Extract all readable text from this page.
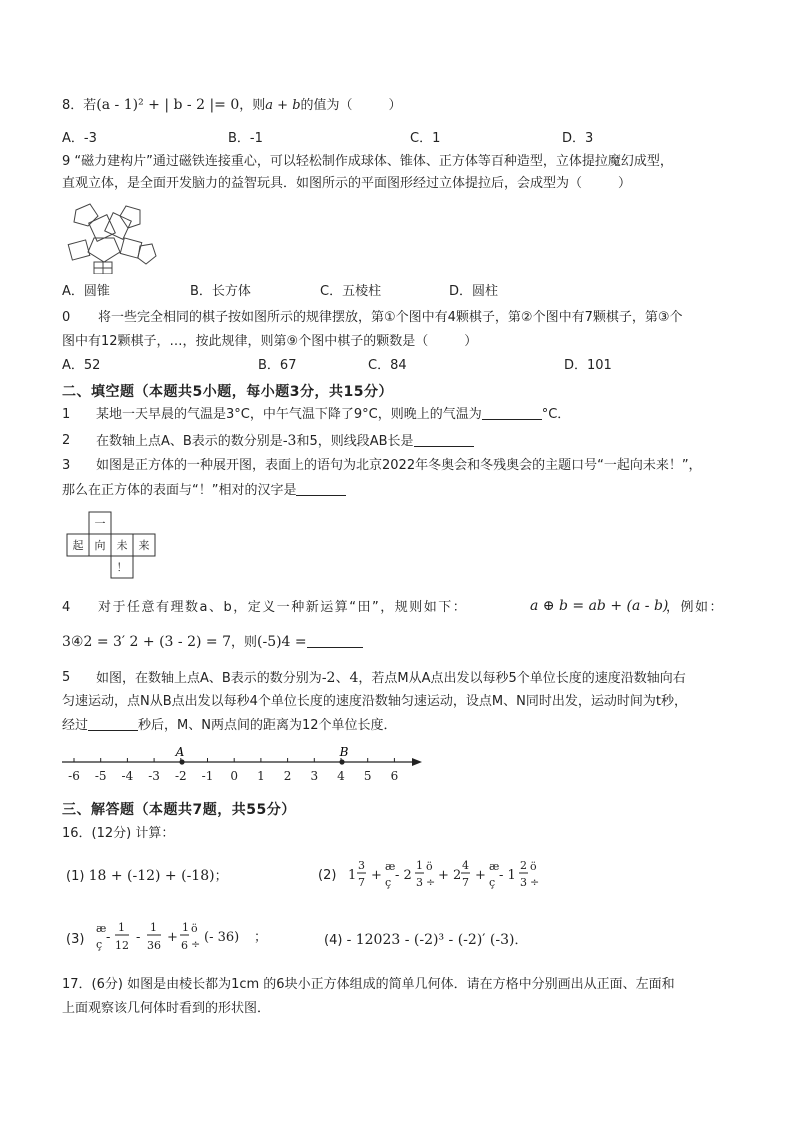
8．若(a - 1)² + | b - 2 |= 0，则a + b的值为（	）
A．-3	B．-1	C．1	D．3
9 “磁力建构片”通过磁铁连接重心，可以轻松制作成球体、锥体、正方体等百种造型，立体提拉魔幻成型，
直观立体，是全面开发脑力的益智玩具．如图所示的平面图形经过立体提拉后，会成型为（	）
A．圆锥	B．长方体	C．五棱柱	D．圆柱
0 将一些完全相同的棋子按如图所示的规律摆放，第①个图中有4颗棋子，第②个图中有7颗棋子，第③个
图中有12颗棋子，…，按此规律，则第⑨个图中棋子的颗数是（	）
A．52	B．67	C．84	D．101
二、填空题（本题共5小题，每小题3分，共15分）
1 某地一天早晨的气温是3°C，中午气温下降了9°C，则晚上的气温为	°C．
2 在数轴上点A、B表示的数分别是-3和5，则线段AB长是
3 如图是正方体的一种展开图，表面上的语句为北京2022年冬奥会和冬残奥会的主题口号“一起向未来！”，
那么在正方体的表面与“！”相对的汉字是
一
起 向 未 来
！
4 对于任意有理数a、b，定义一种新运算“田”，规则如下：	a ⊕ b = ab + (a - b)
，例如：
3④2 = 3′ 2 + (3 - 2) = 7，则(-5)4 =
5 如图，在数轴上点A、B表示的数分别为-2、4，若点M从A点出发以每秒5个单位长度的速度沿数轴向右
匀速运动，点N从B点出发以每秒4个单位长度的速度沿数轴匀速运动，设点M、N同时出发，运动时间为t秒，
经过	秒后，M、N两点间的距离为12个单位长度．
-6 -5 -4 -3 -2 -1 0 1 2 3 4 5 6
A	B
三、解答题（本题共7题，共55分）
16．(12分) 计算：
(1) 18 + (-12) + (-18)；	(2) 1
3
7 +
æ
ç - 2
1
3
ö
÷ + 2
4
7 +
æ
ç - 1
2
3
ö
÷
(3)
æ
ç -
1
12
-
1
36
+
1
6
ö
÷ (- 36) ；	(4) - 12023 - (-2)³ - (-2)′ (-3)．
17．(6分) 如图是由棱长都为1cm 的6块小正方体组成的简单几何体．请在方格中分别画出从正面、左面和
上面观察该几何体时看到的形状图．
